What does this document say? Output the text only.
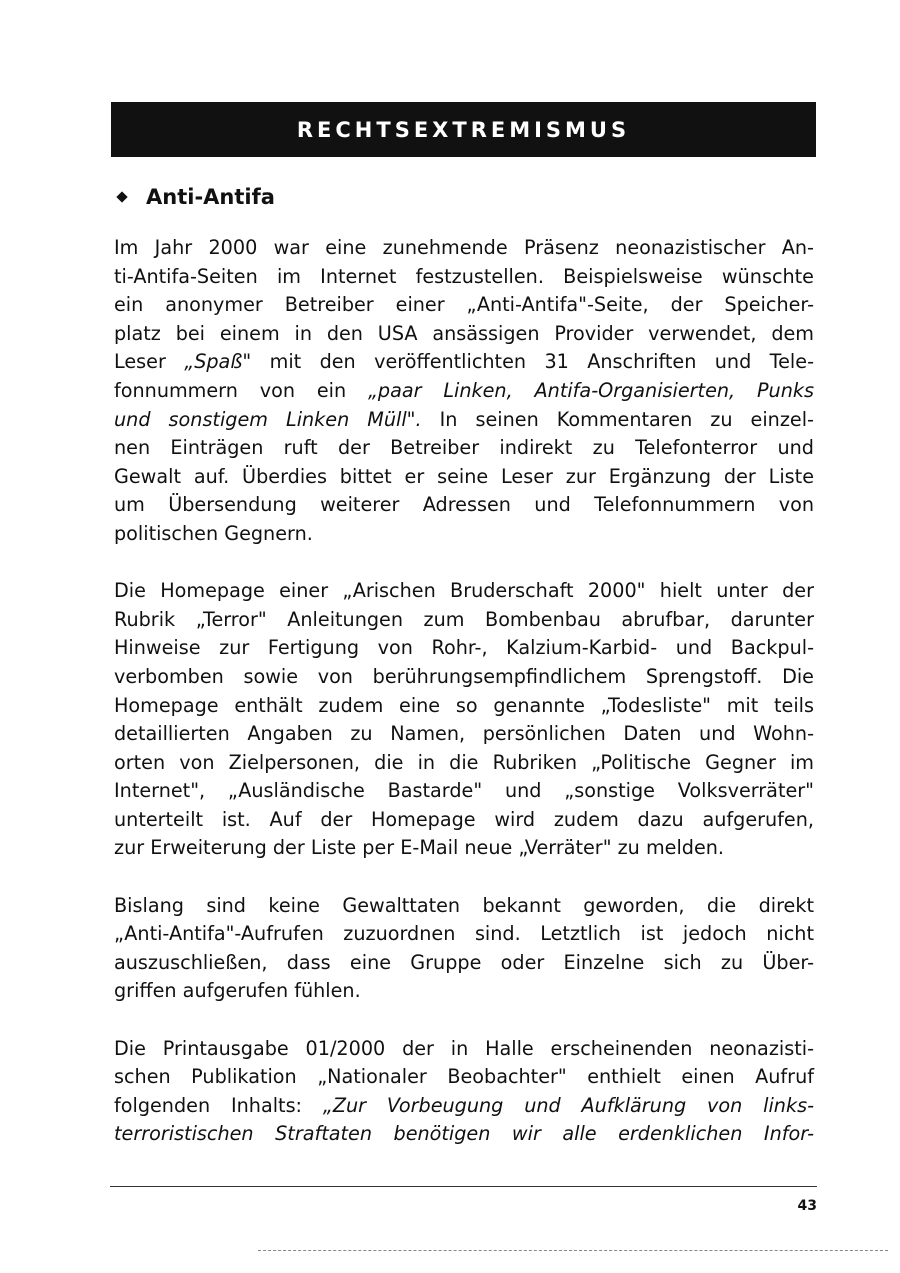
RECHTSEXTREMISMUS
Anti-Antifa

Im Jahr 2000 war eine zunehmende Präsenz neonazistischer An-
ti-Antifa-Seiten im Internet festzustellen. Beispielsweise wünschte
ein anonymer Betreiber einer „Anti-Antifa"-Seite, der Speicher-
platz bei einem in den USA ansässigen Provider verwendet, dem
Leser „Spaß" mit den veröffentlichten 31 Anschriften und Tele-
fonnummern von ein „paar Linken, Antifa-Organisierten, Punks
und sonstigem Linken Müll". In seinen Kommentaren zu einzel-
nen Einträgen ruft der Betreiber indirekt zu Telefonterror und
Gewalt auf. Überdies bittet er seine Leser zur Ergänzung der Liste
um Übersendung weiterer Adressen und Telefonnummern von
politischen Gegnern.

Die Homepage einer „Arischen Bruderschaft 2000" hielt unter der
Rubrik „Terror" Anleitungen zum Bombenbau abrufbar, darunter
Hinweise zur Fertigung von Rohr-, Kalzium-Karbid- und Backpul-
verbomben sowie von berührungsempfindlichem Sprengstoff. Die
Homepage enthält zudem eine so genannte „Todesliste" mit teils
detaillierten Angaben zu Namen, persönlichen Daten und Wohn-
orten von Zielpersonen, die in die Rubriken „Politische Gegner im
Internet", „Ausländische Bastarde" und „sonstige Volksverräter"
unterteilt ist. Auf der Homepage wird zudem dazu aufgerufen,
zur Erweiterung der Liste per E-Mail neue „Verräter" zu melden.

Bislang sind keine Gewalttaten bekannt geworden, die direkt
„Anti-Antifa"-Aufrufen zuzuordnen sind. Letztlich ist jedoch nicht
auszuschließen, dass eine Gruppe oder Einzelne sich zu Über-
griffen aufgerufen fühlen.

Die Printausgabe 01/2000 der in Halle erscheinenden neonazisti-
schen Publikation „Nationaler Beobachter" enthielt einen Aufruf
folgenden Inhalts: „Zur Vorbeugung und Aufklärung von links-
terroristischen Straftaten benötigen wir alle erdenklichen Infor-

43
